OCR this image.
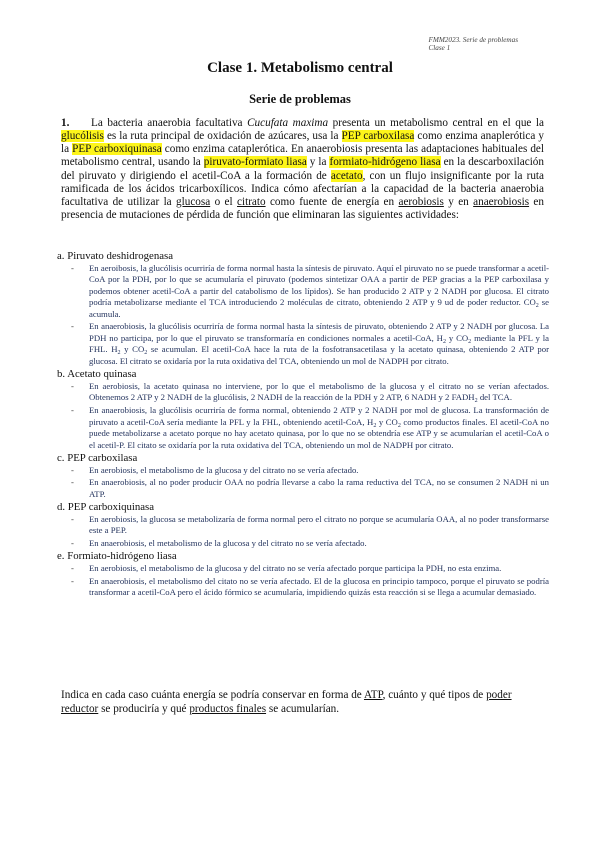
FMM2023. Serie de problemas
Clase 1
Clase 1. Metabolismo central
Serie de problemas
1. La bacteria anaerobia facultativa Cucufata maxima presenta un metabolismo central en el que la glucólisis es la ruta principal de oxidación de azúcares, usa la PEP carboxilasa como enzima anaplerótica y la PEP carboxiquinasa como enzima cataplerótica. En anaerobiosis presenta las adaptaciones habituales del metabolismo central, usando la piruvato-formiato liasa y la formiato-hidrógeno liasa en la descarboxilación del piruvato y dirigiendo el acetil-CoA a la formación de acetato, con un flujo insignificante por la ruta ramificada de los ácidos tricarboxílicos. Indica cómo afectarían a la capacidad de la bacteria anaerobia facultativa de utilizar la glucosa o el citrato como fuente de energía en aerobiosis y en anaerobiosis en presencia de mutaciones de pérdida de función que eliminaran las siguientes actividades:

a. Piruvato deshidrogenasa

- En aeroibosis, la glucólisis ocurriría de forma normal hasta la síntesis de piruvato. Aquí el piruvato no se puede transformar a acetil-CoA por la PDH, por lo que se acumularía el piruvato (podemos sintetizar OAA a partir de PEP gracias a la PEP carboxilasa y podemos obtener acetil-CoA a partir del catabolismo de los lípidos). Se han producido 2 ATP y 2 NADH por glucosa. El citrato podría metabolizarse mediante el TCA introduciendo 2 moléculas de citrato, obteniendo 2 ATP y 9 ud de poder reductor. $CO_2$ se acumula.

- En anaerobiosis, la glucólisis ocurriría de forma normal hasta la síntesis de piruvato, obteniendo 2 ATP y 2 NADH por glucosa. La PDH no participa, por lo que el piruvato se transformaría en condiciones normales a acetil-CoA, $H_2$ y $CO_2$ mediante la PFL y la FHL. $H_2$ y $CO_2$ se acumulan. El acetil-CoA hace la ruta de la fosfotransacetilasa y la acetato quinasa, obteniendo 2 ATP por glucosa. El citrato se oxidaría por la ruta oxidativa del TCA, obteniendo un mol de NADPH por citrato.

b. Acetato quinasa

- En aerobiosis, la acetato quinasa no interviene, por lo que el metabolismo de la glucosa y el citrato no se verían afectados. Obtenemos 2 ATP y 2 NADH de la glucólisis, 2 NADH de la reacción de la PDH y 2 ATP, 6 NADH y 2 $FADH_2$ del TCA.

- En anaerobiosis, la glucólisis ocurriría de forma normal, obteniendo 2 ATP y 2 NADH por mol de glucosa. La transformación de piruvato a acetil-CoA sería mediante la PFL y la FHL, obteniendo acetil-CoA, $H_2$ y $CO_2$ como productos finales. El acetil-CoA no puede metabolizarse a acetato porque no hay acetato quinasa, por lo que no se obtendría ese ATP y se acumularían el acetil-CoA o el acetil-P. El citato se oxidaría por la ruta oxidativa del TCA, obteniendo un mol de NADPH por citrato.

c. PEP carboxilasa

- En aerobiosis, el metabolismo de la glucosa y del citrato no se vería afectado.

- En anaerobiosis, al no poder producir OAA no podría llevarse a cabo la rama reductiva del TCA, no se consumen 2 NADH ni un ATP.

d. PEP carboxiquinasa

- En aerobiosis, la glucosa se metabolizaría de forma normal pero el citrato no porque se acumularía OAA, al no poder transformarse este a PEP.

- En anaerobiosis, el metabolismo de la glucosa y del citrato no se vería afectado.

e. Formiato-hidrógeno liasa

- En aerobiosis, el metabolismo de la glucosa y del citrato no se vería afectado porque participa la PDH, no esta enzima.

- En anaerobiosis, el metabolismo del citato no se vería afectado. El de la glucosa en principio tampoco, porque el piruvato se podría transformar a acetil-CoA pero el ácido fórmico se acumularía, impidiendo quizás esta reacción si se llega a acumular demasiado.

Indica en cada caso cuánta energía se podría conservar en forma de ATP, cuánto y qué tipos de poder reductor se produciría y qué productos finales se acumularían.
